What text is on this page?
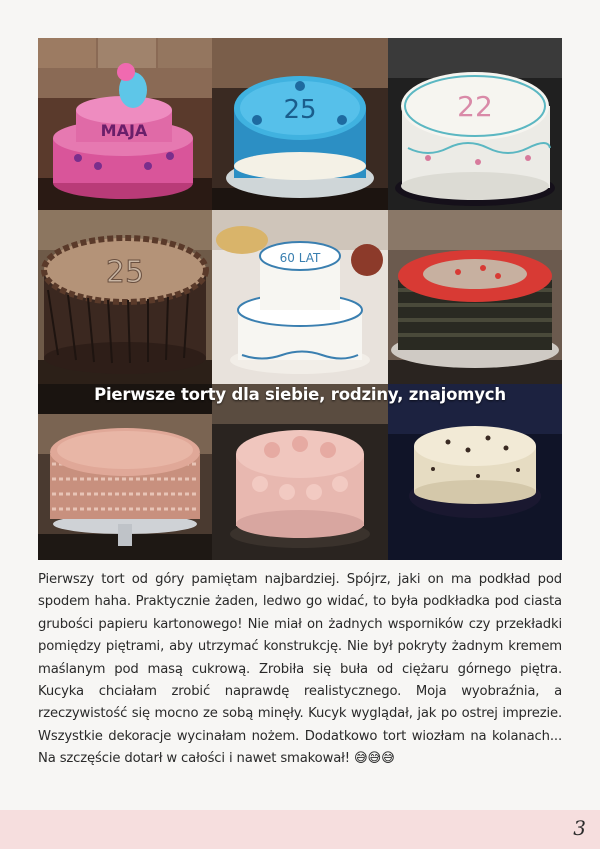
MAJA
25	22
25	60 LAT
Pierwsze torty dla siebie, rodziny, znajomych

Pierwszy tort od góry pamiętam najbardziej. Spójrz, jaki on ma podkład pod spodem haha. Praktycznie żaden, ledwo go widać, to była podkładka pod ciasta grubości papieru kartonowego! Nie miał on żadnych wsporników czy przekładki pomiędzy piętrami, aby utrzymać konstrukcję. Nie był pokryty żadnym kremem maślanym pod masą cukrową. Zrobiła się buła od ciężaru górnego piętra. Kucyka chciałam zrobić naprawdę realistycznego. Moja wyobraźnia, a rzeczywistość się mocno ze sobą minęły. Kucyk wyglądał, jak po ostrej imprezie. Wszystkie dekoracje wycinałam nożem. Dodatkowo tort wiozłam na kolanach... Na szczęście dotarł w całości i nawet smakował! 😅😅😅

3
